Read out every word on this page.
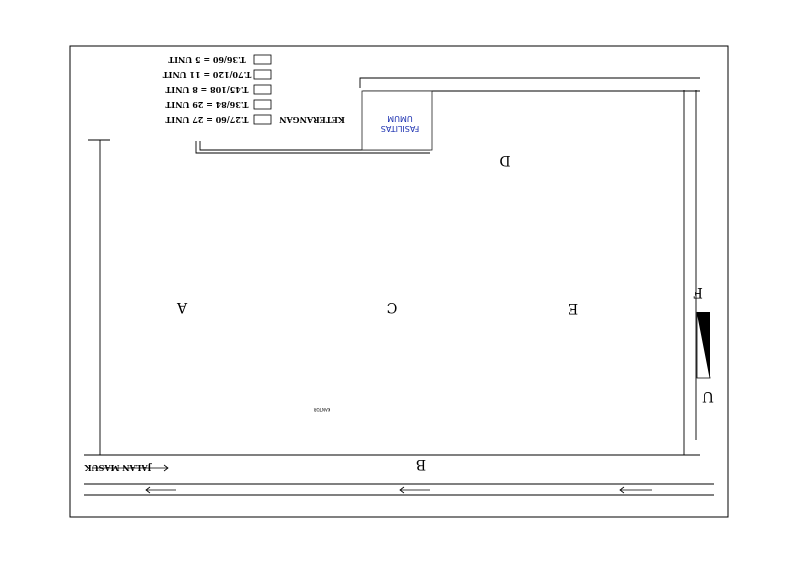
U
T.36/60 = 5 UNIT
T.70/120 = 11 UNIT
T.45/108 = 8 UNIT
T.36/84 = 29 UNIT
T.27/60 = 27 UNIT	KETERANGAN
FASILITAS
UMUM
KANTOR
A
B
C
D
E
F
JALAN MASUK
